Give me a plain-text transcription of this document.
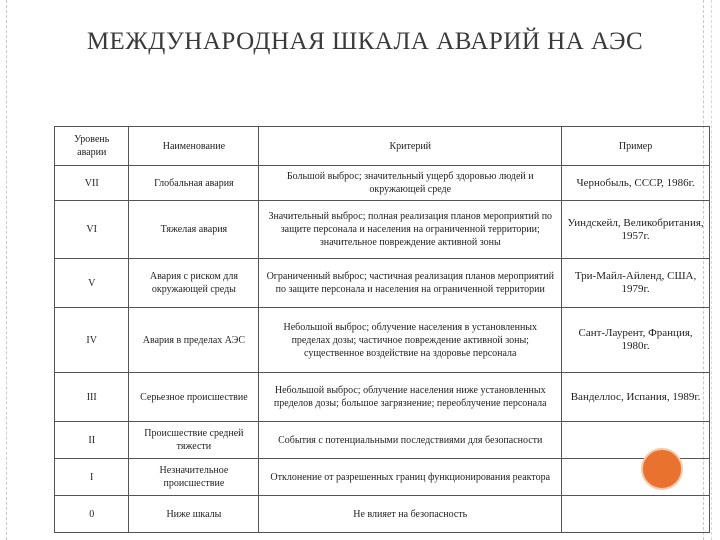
МЕЖДУНАРОДНАЯ ШКАЛА АВАРИЙ НА АЭС
Уровень аварии	Наименование	Критерий	Пример
VII	Глобальная авария	Большой выброс; значительный ущерб здоровью людей и окружающей среде	Чернобыль, СССР, 1986г.
VI	Тяжелая авария	Значительный выброс; полная реализация планов мероприятий по защите персонала и населения на ограниченной территории; значительное повреждение активной зоны	Уиндскейл, Великобритания, 1957г.
V	Авария с риском для окружающей среды	Ограниченный выброс; частичная реализация планов мероприятий по защите персонала и населения на ограниченной территории	Три-Майл-Айленд, США, 1979г.
IV	Авария в пределах АЭС	Небольшой выброс; облучение населения в установленных пределах дозы; частичное повреждение активной зоны; существенное воздействие на здоровье персонала	Сант-Лаурент, Франция, 1980г.
III	Серьезное происшествие	Небольшой выброс; облучение населения ниже установленных пределов дозы; большое загрязнение; переоблучение персонала	Ванделлос, Испания, 1989г.
II	Происшествие средней тяжести	События с потенциальными последствиями для безопасности	
I	Незначительное происшествие	Отклонение от разрешенных границ функционирования реактора	
0	Ниже шкалы	Не влияет на безопасность	
